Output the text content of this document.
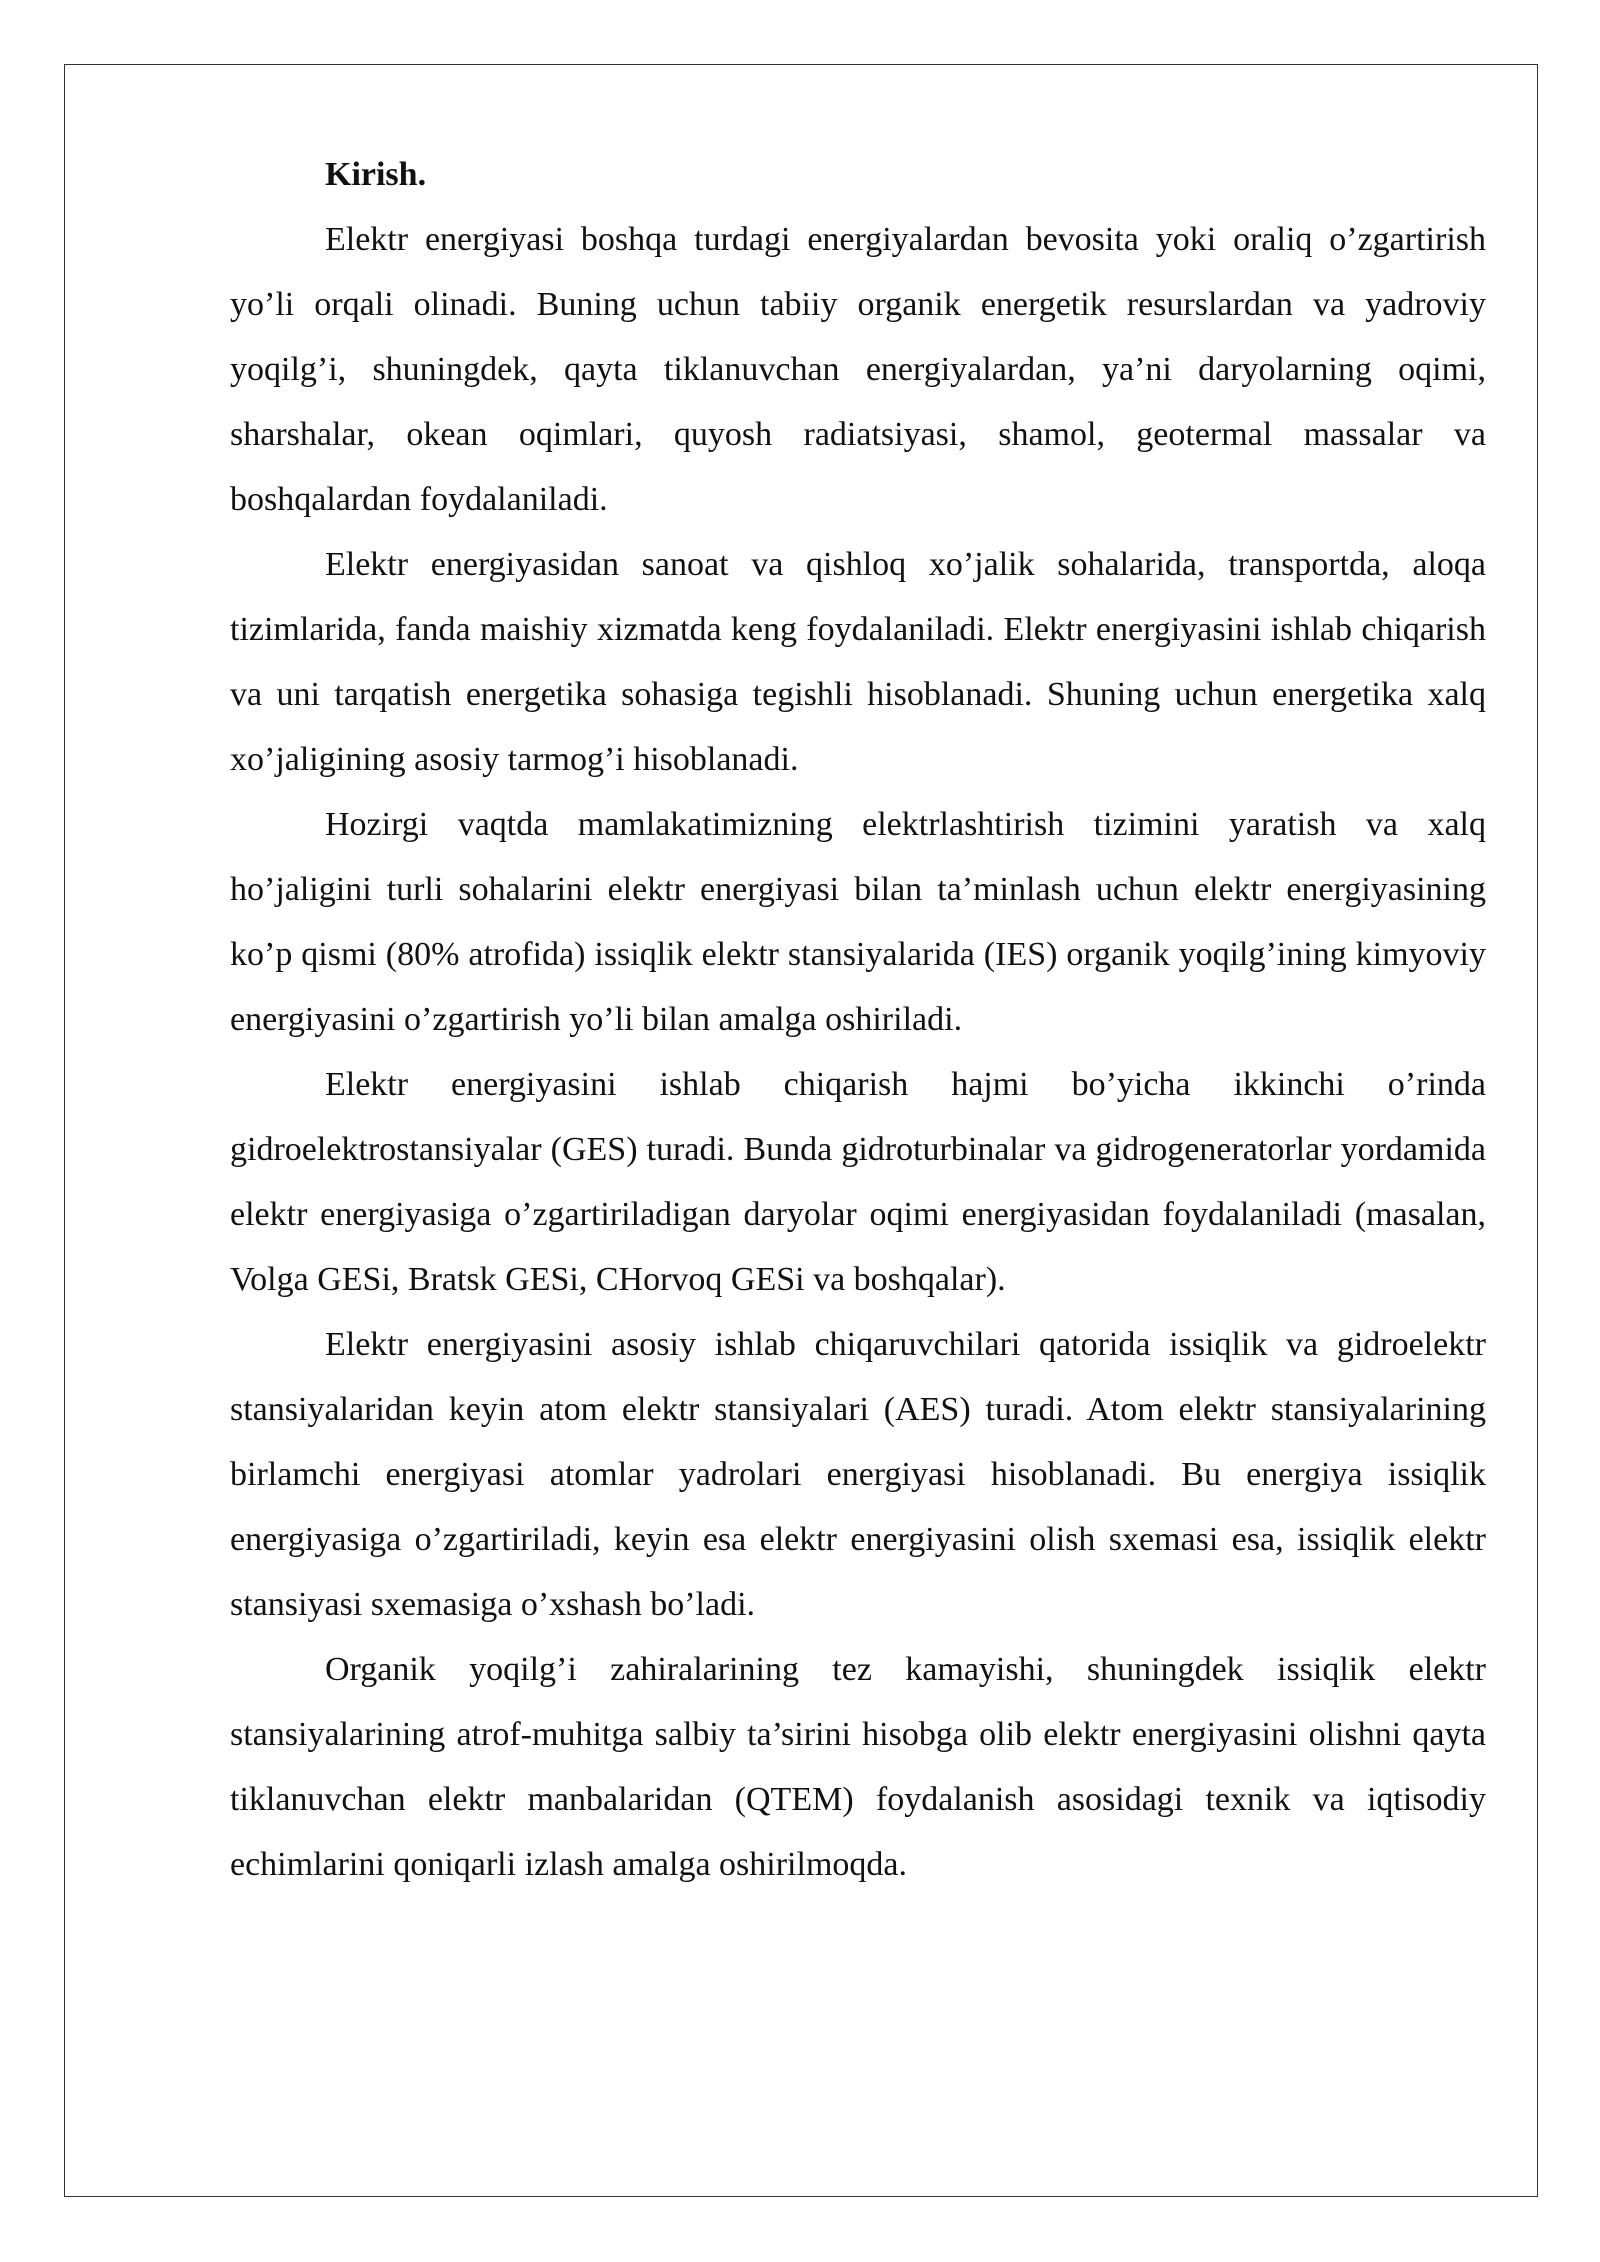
Kirish.

Elektr energiyasi boshqa turdagi energiyalardan bevosita yoki oraliq o’zgartirish yo’li orqali olinadi. Buning uchun tabiiy organik energetik resurslardan va yadroviy yoqilg’i, shuningdek, qayta tiklanuvchan energiyalardan, ya’ni daryolarning oqimi, sharshalar, okean oqimlari, quyosh radiatsiyasi, shamol, geotermal massalar va boshqalardan foydalaniladi.

Elektr energiyasidan sanoat va qishloq xo’jalik sohalarida, transportda, aloqa tizimlarida, fanda maishiy xizmatda keng foydalaniladi. Elektr energiyasini ishlab chiqarish va uni tarqatish energetika sohasiga tegishli hisoblanadi. Shuning uchun energetika xalq xo’jaligining asosiy tarmog’i hisoblanadi.

Hozirgi vaqtda mamlakatimizning elektrlashtirish tizimini yaratish va xalq ho’jaligini turli sohalarini elektr energiyasi bilan ta’minlash uchun elektr energiyasining ko’p qismi (80% atrofida) issiqlik elektr stansiyalarida (IES) organik yoqilg’ining kimyoviy energiyasini o’zgartirish yo’li bilan amalga oshiriladi.

Elektr energiyasini ishlab chiqarish hajmi bo’yicha ikkinchi o’rinda gidroelektrostansiyalar (GES) turadi. Bunda gidroturbinalar va gidrogeneratorlar yordamida elektr energiyasiga o’zgartiriladigan daryolar oqimi energiyasidan foydalaniladi (masalan, Volga GESi, Bratsk GESi, CHorvoq GESi va boshqalar).

Elektr energiyasini asosiy ishlab chiqaruvchilari qatorida issiqlik va gidroelektr stansiyalaridan keyin atom elektr stansiyalari (AES) turadi. Atom elektr stansiyalarining birlamchi energiyasi atomlar yadrolari energiyasi hisoblanadi. Bu energiya issiqlik energiyasiga o’zgartiriladi, keyin esa elektr energiyasini olish sxemasi esa, issiqlik elektr stansiyasi sxemasiga o’xshash bo’ladi.

Organik yoqilg’i zahiralarining tez kamayishi, shuningdek issiqlik elektr stansiyalarining atrof-muhitga salbiy ta’sirini hisobga olib elektr energiyasini olishni qayta tiklanuvchan elektr manbalaridan (QTEM) foydalanish asosidagi texnik va iqtisodiy echimlarini qoniqarli izlash amalga oshirilmoqda.
